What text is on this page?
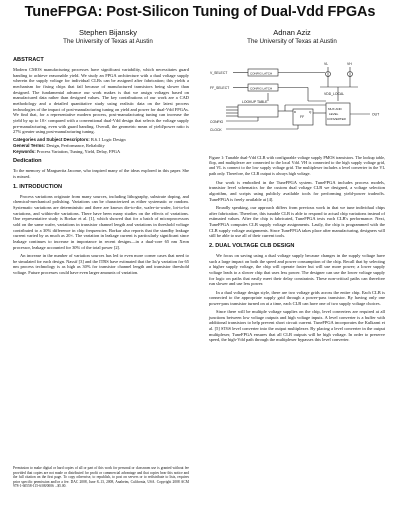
TuneFPGA: Post-Silicon Tuning of Dual-Vdd FPGAs
Stephen Bijansky
The University of Texas at Austin
Adnan Aziz
The University of Texas at Austin
ABSTRACT

Modern CMOS manufacturing processes have significant variability, which necessitates guard banding to achieve reasonable yield. We study an FPGA architecture with a dual voltage supply wherein the supply voltage for individual CLBs can be assigned after fabrication; this yields a mechanism for fixing chips that fail because of manufactured transistors being slower than designed. The fundamental advance our work makes is that we assign voltages based on manufactured data rather than designed values. The key contributions of our work are a CAD methodology and a detailed quantitative study using realistic data on the latest process technologies of the impact of post-manufacturing tuning on yield and power for dual-Vdd FPGAs. We find that, for a representative modern process, post-manufacturing tuning can increase the yield by up to 10× compared with a conventional dual-Vdd design that selects the voltage supply pre-manufacturing, even with guard banding. Overall, the geometric mean of yield/power ratio is 27% greater using post-manufacturing tuning.

Categories and Subject Descriptors: B.6.1 Logic Design
General Terms: Design, Performance, Reliability
Keywords: Process Variation, Tuning, Yield, Delay, FPGA

Dedication

To the memory of Marguerita Jacome, who inspired many of the ideas explored in this paper. She is missed.

1. INTRODUCTION

Process variations originate from many sources, including lithography, substrate doping, and chemical-mechanical polishing. Variations can be characterized as either systematic or random. Systematic variations are deterministic and there are known die-to-die, wafer-to-wafer, lot-to-lot variations, and within-die variations. There have been many studies on the effects of variations. One representative study is Borkar et al. [1], which showed that for a batch of microprocessors sold on the same wafer, variations in transistor channel length and variations in threshold voltage contributed to a 30% difference in chip frequencies. Borkar also reports that the standby leakage current varied by as much as 20×. The variation in leakage current is particularly significant since leakage continues to increase in importance in recent designs—in a dual-core 65 nm Xeon processor, leakage accounted for 30% of the total power [2].

An increase in the number of variation sources has led to even more corner cases that need to be simulated for each design. Nassif [3] and the ITRS have estimated that the 3σ/μ variation for 65 nm process technology is as high as 30% for transistor channel length and transistor threshold voltage. Future processes could have even larger amounts of variation.

Permission to make digital or hard copies of all or part of this work for personal or classroom use is granted without fee provided that copies are not made or distributed for profit or commercial advantage and that copies bear this notice and the full citation on the first page. To copy otherwise, to republish, to post on servers or to redistribute to lists, requires prior specific permission and/or a fee. DAC 2008, June 8–13, 2008, Anaheim, California, USA. Copyright 2008 ACM 978-1-60558-115-6/08/0006 ...$5.00.
V_SELECT
FF_SELECT
CONFIG LATCH
CONFIG LATCH
VL	VH
VDD_LOCAL
LOOKUP TABLE
CONFIG
CLOCK
FF
D	Q
MUX AND
LEVEL
CONVERTER
OUT

Figure 1: Tunable dual-Vdd CLB with configurable voltage supply PMOS transistors. The lookup table, flop, and multiplexer are connected to the local Vdd. VH is connected to the high supply voltage grid, and VL is connect to the low supply voltage grid. The multiplexer includes a level converter in the VL path only. Therefore, the CLB output is always high voltage.

Our work is embodied in the TuneFPGA system. TuneFPGA includes process models, transistor level schematics for the custom dual voltage CLB we designed, a voltage selection algorithm, and scripts using publicly available tools for performing yield-power tradeoffs. TuneFPGA is freely available at [4].

Broadly speaking, our approach differs from previous work in that we tune individual chips after fabrication. Therefore, this tunable CLB is able to respond to actual chip variations instead of estimated values. After the chip is fabricated, TuneFPGA tests each CLB's performance. Next, TuneFPGA computes CLB supply voltage assignments. Lastly, the chip is programmed with the CLB supply voltage assignments. Since TuneFPGA takes place after manufacturing, designers will still be able to use all of their current tools.

2. DUAL VOLTAGE CLB DESIGN

We focus on saving using a dual voltage supply because changes in the supply voltage have such a large impact on both the speed and power consumption of the chip. Recall that by selecting a higher supply voltage, the chip will operate faster but will use more power; a lower supply voltage leads to a slower chip that uses less power. The designer can use the lower voltage supply for logic on paths that easily meet their delay constraints. These non-critical paths can therefore run slower and use less power.

In a dual voltage design style, there are two voltage grids across the entire chip. Each CLB is connected to the appropriate supply grid through a power-pass transistor. By having only one power-pass transistor turned on at a time, each CLB can have one of two supply voltage choices.

Since there will be multiple voltage supplies on the chip, level converters are required at all junctions between low voltage outputs and high voltage inputs. A level converter is a buffer with additional transistors to help prevent short circuit current. TuneFPGA incorporates the Kulkarni et al. [5] ST6S level converter into the output multiplexer. By placing a level converter in the output multiplexer, TuneFPGA ensures that all CLB outputs will be high voltage. In order to preserve speed, the high-Vdd path through the multiplexer bypasses this level converter.
